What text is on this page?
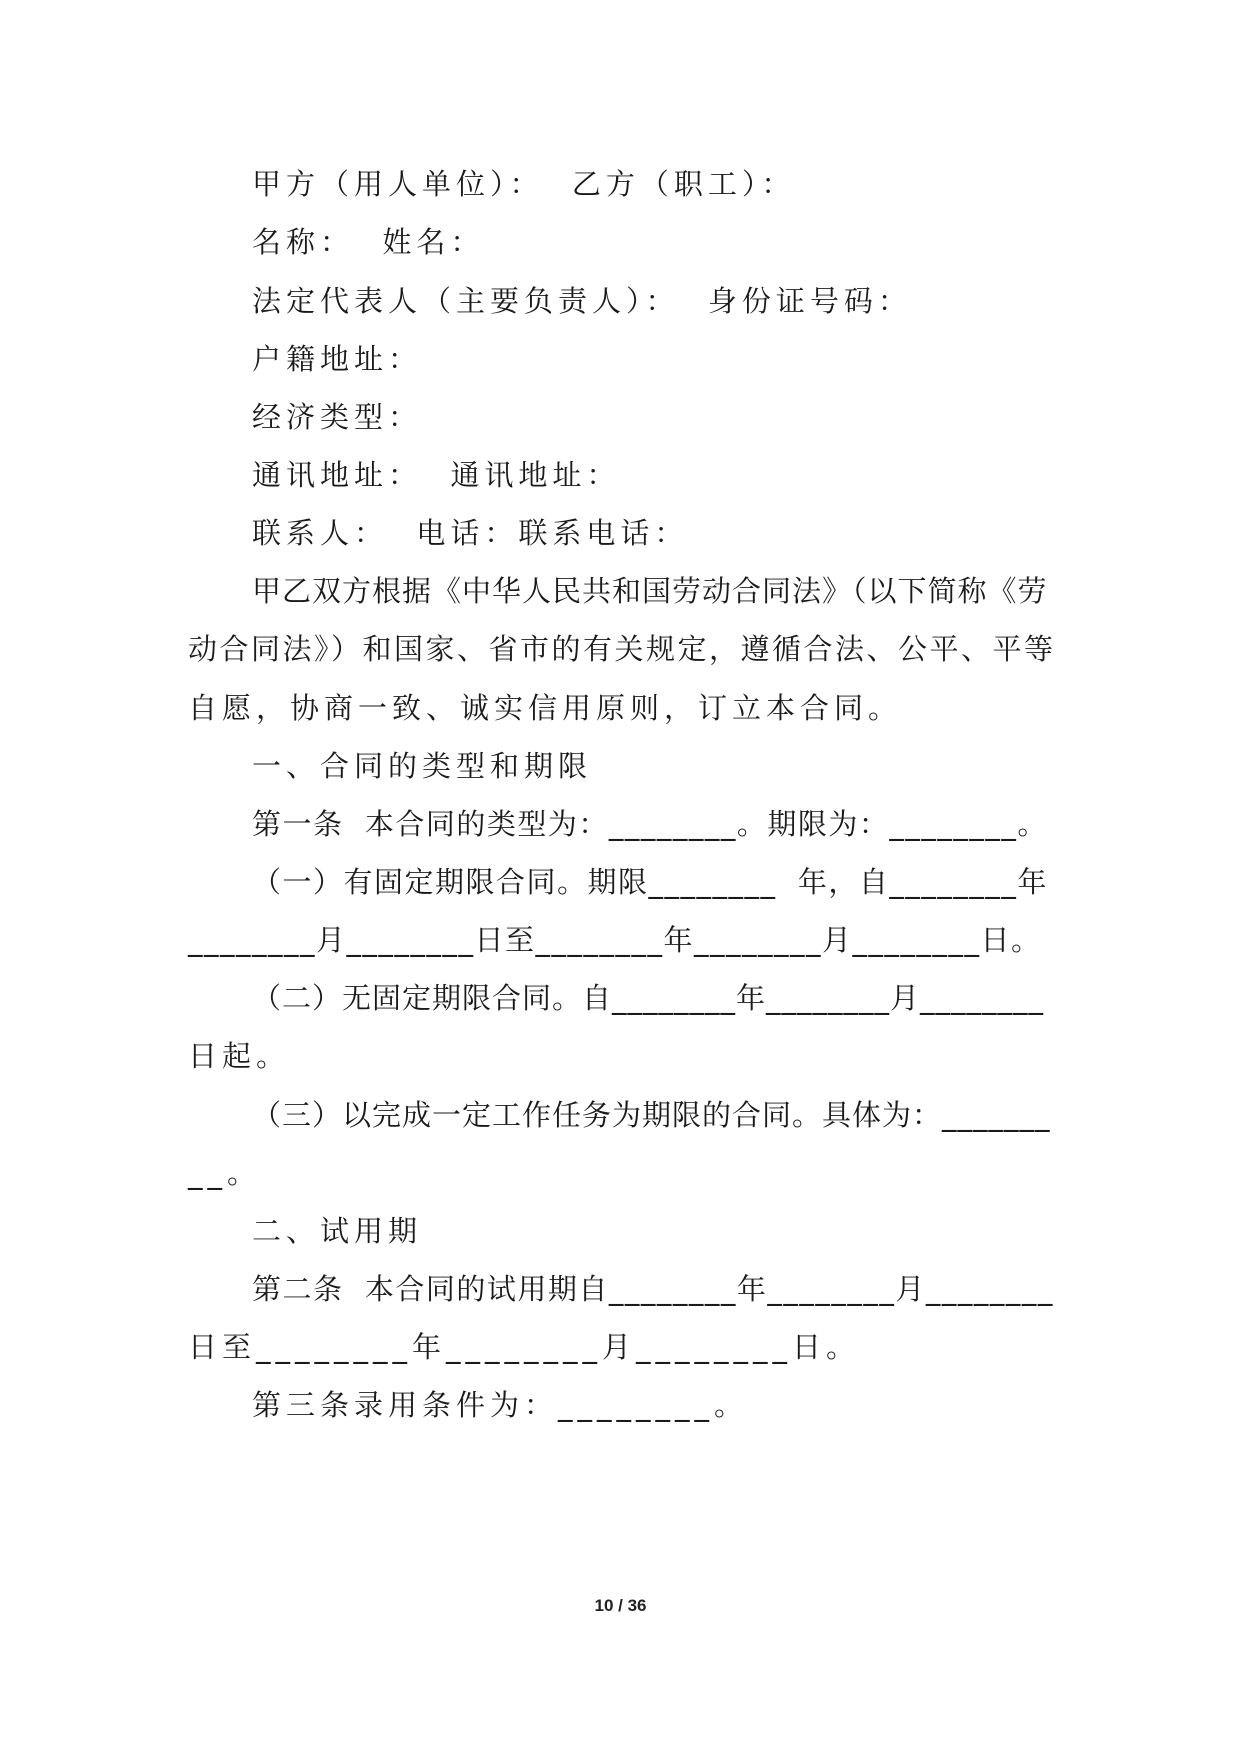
甲方（用人单位）：  乙方（职工）：
名称：  姓名：
法定代表人（主要负责人）：  身份证号码：
户籍地址：
经济类型：
通讯地址：  通讯地址：
联系人：  电话：联系电话：
甲乙双方根据《中华人民共和国劳动合同法》（以下简称《劳
动合同法》）和国家、省市的有关规定，遵循合法、公平、平等
自愿，协商一致、诚实信用原则，订立本合同。
一、合同的类型和期限
第一条  本合同的类型为：________。期限为：________。
（一）有固定期限合同。期限________  年，自________年
________月________日至________年________月________日。
（二）无固定期限合同。自________年________月________
日起。
（三）以完成一定工作任务为期限的合同。具体为：_______
__。
二、试用期
第二条  本合同的试用期自________年________月________
日至________年________月________日。
第三条录用条件为：________。
10 / 36
